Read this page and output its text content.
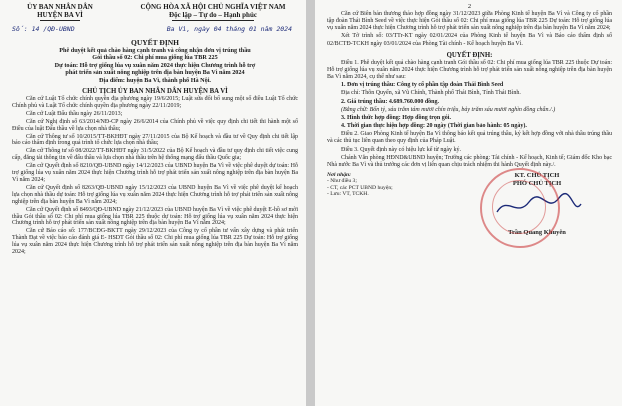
ỦY BAN NHÂN DÂN
HUYỆN BA VÌ
CỘNG HÒA XÃ HỘI CHỦ NGHĨA VIỆT NAM
Độc lập – Tự do – Hạnh phúc
Số: 14 /QĐ-UBND	Ba Vì, ngày 04 tháng 01 năm 2024
QUYẾT ĐỊNH
Phê duyệt kết quả chào hàng cạnh tranh và công nhận đơn vị trúng thầu
Gói thầu số 02: Chi phí mua giống lúa TBR 225
Dự toán: Hỗ trợ giống lúa vụ xuân năm 2024 thực hiện Chương trình hỗ trợ
phát triển sản xuất nông nghiệp trên địa bàn huyện Ba Vì năm 2024
Địa điểm: huyện Ba Vì, thành phố Hà Nội.
CHỦ TỊCH ỦY BAN NHÂN DÂN HUYỆN BA VÌ

Căn cứ Luật Tổ chức chính quyền địa phương ngày 19/6/2015; Luật sửa đổi bổ sung một số điều Luật Tổ chức Chính phủ và Luật Tổ chức chính quyền địa phương ngày 22/11/2019;

Căn cứ Luật Đấu thầu ngày 26/11/2013;

Căn cứ Nghị định số 63/2014/NĐ-CP ngày 26/6/2014 của Chính phủ về việc quy định chi tiết thi hành một số Điều của luật Đấu thầu về lựa chọn nhà thầu;

Căn cứ Thông tư số 10/2015/TT-BKHĐT ngày 27/11/2015 của Bộ Kế hoạch và đầu tư về Quy định chi tiết lập báo cáo thẩm định trong quá trình tổ chức lựa chọn nhà thầu;

Căn cứ Thông tư số 08/2022/TT-BKHĐT ngày 31/5/2022 của Bộ Kế hoạch và đầu tư quy định chi tiết việc cung cấp, đăng tải thông tin về đấu thầu và lựa chọn nhà thầu trên hệ thống mạng đấu thầu Quốc gia;

Căn cứ Quyết định số 8210/QĐ-UBND ngày 14/12/2023 của UBND huyện Ba Vì về việc phê duyệt dự toán: Hỗ trợ giống lúa vụ xuân năm 2024 thực hiện Chương trình hỗ trợ phát triển sản xuất nông nghiệp trên địa bàn huyện Ba Vì năm 2024;

Căn cứ Quyết định số 8263/QĐ-UBND ngày 15/12/2023 của UBND huyện Ba Vì về việc phê duyệt kế hoạch lựa chọn nhà thầu dự toán: Hỗ trợ giống lúa vụ xuân năm 2024 thực hiện Chương trình hỗ trợ phát triển sản xuất nông nghiệp trên địa bàn huyện Ba Vì năm 2024;

Căn cứ Quyết định số 8493/QĐ-UBND ngày 21/12/2023 của UBND huyện Ba Vì về việc phê duyệt E-hồ sơ mời thầu Gói thầu số 02: Chi phí mua giống lúa TBR 225 thuộc dự toán: Hỗ trợ giống lúa vụ xuân năm 2024 thực hiện Chương trình hỗ trợ phát triển sản xuất nông nghiệp trên địa bàn huyện Ba Vì năm 2024;

Căn cứ Báo cáo số: 177/BCĐG-BKTT ngày 29/12/2023 của Công ty cổ phần tư vấn xây dựng và phát triển Thành Đạt về việc báo cáo đánh giá E- HSDT Gói thầu số 02: Chi phí mua giống lúa TBR 225 Dự toán: Hỗ trợ giống lúa vụ xuân năm 2024 thực hiện Chương trình hỗ trợ phát triển sản xuất nông nghiệp trên địa bàn huyện Ba Vì năm 2024;

2

Căn cứ Biên bản thương thảo hợp đồng ngày 31/12/2023 giữa Phòng Kinh tế huyện Ba Vì và Công ty cổ phần tập đoàn Thái Bình Seed về việc thực hiện Gói thầu số 02: Chi phí mua giống lúa TBR 225 Dự toán: Hỗ trợ giống lúa vụ xuân năm 2024 thực hiện Chương trình hỗ trợ phát triển sản xuất nông nghiệp trên địa bàn huyện Ba Vì năm 2024;

Xét Tờ trình số: 03/TTr-KT ngày 02/01/2024 của Phòng Kinh tế huyện Ba Vì và Báo cáo thẩm định số 02/BCTĐ-TCKH ngày 03/01/2024 của Phòng Tài chính - Kế hoạch huyện Ba Vì.

QUYẾT ĐỊNH:

Điều 1. Phê duyệt kết quả chào hàng cạnh tranh Gói thầu số 02: Chi phí mua giống lúa TBR 225 thuộc Dự toán: Hỗ trợ giống lúa vụ xuân năm 2024 thực hiện Chương trình hỗ trợ phát triển sản xuất nông nghiệp trên địa bàn huyện Ba Vì năm 2024, cụ thể như sau:

1. Đơn vị trúng thầu: Công ty cổ phần tập đoàn Thái Bình Seed

Địa chỉ: Thôn Quyến, xã Vũ Chính, Thành phố Thái Bình, Tỉnh Thái Bình.

2. Giá trúng thầu: 4.689.760.000 đồng.

(Bằng chữ: Bốn tỷ, sáu trăm tám mươi chín triệu, bảy trăm sáu mươi nghìn đồng chẵn./.)

3. Hình thức hợp đồng: Hợp đồng trọn gói.

4. Thời gian thực hiện hợp đồng: 20 ngày (Thời gian bảo hành: 05 ngày).

Điều 2. Giao Phòng Kinh tế huyện Ba Vì thông báo kết quả trúng thầu, ký kết hợp đồng với nhà thầu trúng thầu và các thủ tục liên quan theo quy định của Pháp Luật.

Điều 3. Quyết định này có hiệu lực kể từ ngày ký.

Chánh Văn phòng HĐND&UBND huyện; Trưởng các phòng: Tài chính - Kế hoạch, Kinh tế; Giám đốc Kho bạc Nhà nước Ba Vì và thủ trưởng các đơn vị liên quan chịu trách nhiệm thi hành Quyết định này./.

Nơi nhận:
- Như điều 3;
- CT, các PCT UBND huyện;
- Lưu: VT, TCKH.
KT. CHỦ TỊCH
PHÓ CHỦ TỊCH
Trần Quang Khuyên
